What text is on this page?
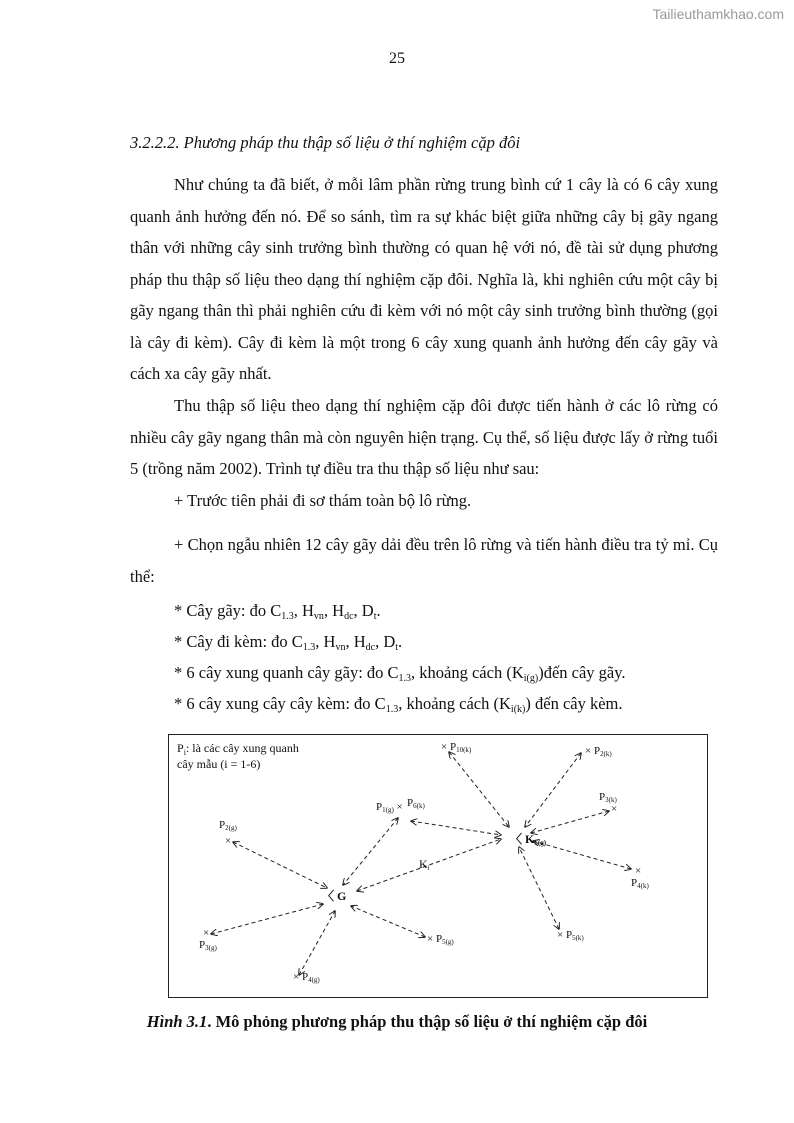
Tailieuthamkhao.com
25
3.2.2.2. Phương pháp thu thập số liệu ở thí nghiệm cặp đôi

Như chúng ta đã biết, ở mỗi lâm phần rừng trung bình cứ 1 cây là có 6 cây xung quanh ảnh hưởng đến nó. Để so sánh, tìm ra sự khác biệt giữa những cây bị gãy ngang thân với những cây sinh trưởng bình thường có quan hệ với nó, đề tài sử dụng phương pháp thu thập số liệu theo dạng thí nghiệm cặp đôi. Nghĩa là, khi nghiên cứu một cây bị gãy ngang thân thì phải nghiên cứu đi kèm với nó một cây sinh trưởng bình thường (gọi là cây đi kèm). Cây đi kèm là một trong 6 cây xung quanh ảnh hưởng đến cây gãy và cách xa cây gãy nhất.

Thu thập số liệu theo dạng thí nghiệm cặp đôi được tiến hành ở các lô rừng có nhiều cây gãy ngang thân mà còn nguyên hiện trạng. Cụ thể, số liệu được lấy ở rừng tuổi 5 (trồng năm 2002). Trình tự điều tra thu thập số liệu như sau:

+ Trước tiên phải đi sơ thám toàn bộ lô rừng.

+ Chọn ngẫu nhiên 12 cây gãy dải đều trên lô rừng và tiến hành điều tra tỷ mỉ. Cụ thể:

* Cây gãy: đo $C_{1.3}$, $H_{vn}$, $H_{dc}$, $D_t$.
* Cây đi kèm: đo $C_{1.3}$, $H_{vn}$, $H_{dc}$, $D_t$.
* 6 cây xung quanh cây gãy: đo $C_{1.3}$, khoảng cách $(K_{i(g)})đến$ cây gãy.
* 6 cây xung cây cây kèm: đo $C_{1.3}$, khoảng cách $(K_{i(k)})$ đến cây kèm.
$P_i$: là các cây xung quanh
cây mẫu (i = 1-6)
〈 G
〈 $K_{6(g)}$
$P_{1(g)} \times P_{6(k)}$
$P_{2(g)}$
×
×
$P_{3(g)}$
× $P_{4(g)}$
× $P_{5(g)}$
$K_i$
× $P_{10(k)}$	× $P_{2(k)}$
$P_{3(k)}$
×
×
$P_{4(k)}$
× $P_{5(k)}$
Hình 3.1. Mô phỏng phương pháp thu thập số liệu ở thí nghiệm cặp đôi
